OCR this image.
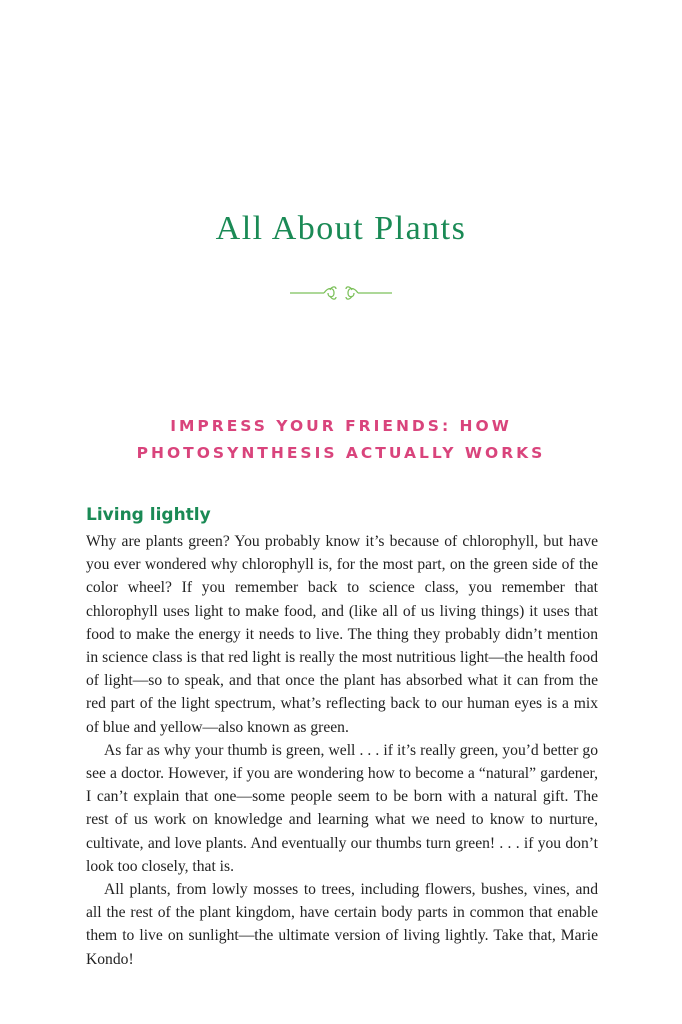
All About Plants
IMPRESS YOUR FRIENDS: HOW
PHOTOSYNTHESIS ACTUALLY WORKS
Living lightly

Why are plants green? You probably know it’s because of chlorophyll, but have you ever wondered why chlorophyll is, for the most part, on the green side of the color wheel? If you remember back to science class, you remember that chlorophyll uses light to make food, and (like all of us living things) it uses that food to make the energy it needs to live. The thing they probably didn’t mention in science class is that red light is really the most nutritious light—the health food of light—so to speak, and that once the plant has absorbed what it can from the red part of the light spectrum, what’s reflecting back to our human eyes is a mix of blue and yellow—also known as green.

As far as why your thumb is green, well . . . if it’s really green, you’d better go see a doctor. However, if you are wondering how to become a “natural” gardener, I can’t explain that one—some people seem to be born with a natural gift. The rest of us work on knowledge and learning what we need to know to nurture, cultivate, and love plants. And eventually our thumbs turn green! . . . if you don’t look too closely, that is.

All plants, from lowly mosses to trees, including flowers, bushes, vines, and all the rest of the plant kingdom, have certain body parts in common that enable them to live on sunlight—the ultimate version of living lightly. Take that, Marie Kondo!
